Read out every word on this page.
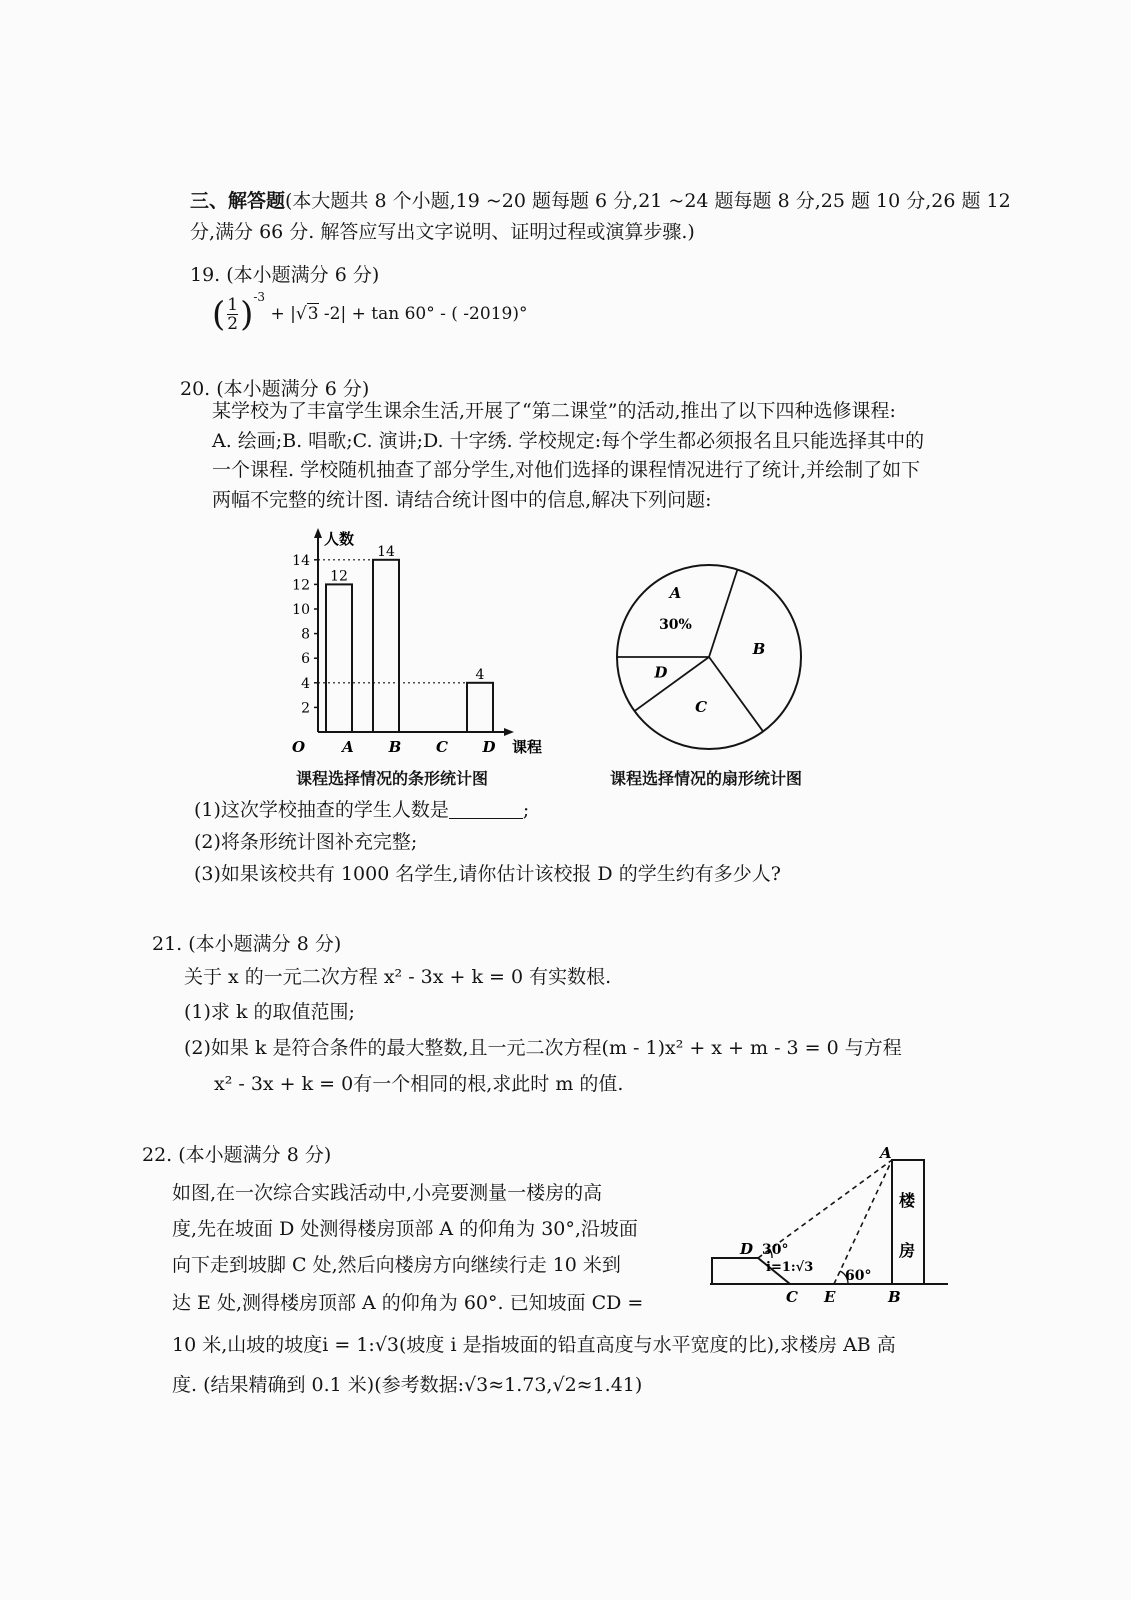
三、解答题(本大题共 8 个小题,19 ~20 题每题 6 分,21 ~24 题每题 8 分,25 题 10 分,26 题 12
分,满分 66 分. 解答应写出文字说明、证明过程或演算步骤.)
19. (本小题满分 6 分)
( $\frac{1}{2} )^{-3} + |√3$ -2| + tan 60° - ( -2019)°
20. (本小题满分 6 分)
某学校为了丰富学生课余生活,开展了“第二课堂”的活动,推出了以下四种选修课程:
A. 绘画;B. 唱歌;C. 演讲;D. 十字绣. 学校规定:每个学生都必须报名且只能选择其中的
一个课程. 学校随机抽查了部分学生,对他们选择的课程情况进行了统计,并绘制了如下
两幅不完整的统计图. 请结合统计图中的信息,解决下列问题:
人数
课程
O
2
4
6
8
10
12
14
A
12
B
14
C D
4
课程选择情况的条形统计图
A
30%
B
C
D
课程选择情况的扇形统计图
(1)这次学校抽查的学生人数是	;
(2)将条形统计图补充完整;
(3)如果该校共有 1000 名学生,请你估计该校报 D 的学生约有多少人?
21. (本小题满分 8 分)
关于 x 的一元二次方程 x² - 3x + k = 0 有实数根.
(1)求 k 的取值范围;
(2)如果 k 是符合条件的最大整数,且一元二次方程(m - 1)x² + x + m - 3 = 0 与方程
x² - 3x + k = 0有一个相同的根,求此时 m 的值.
22. (本小题满分 8 分)
如图,在一次综合实践活动中,小亮要测量一楼房的高
度,先在坡面 D 处测得楼房顶部 A 的仰角为 30°,沿坡面
向下走到坡脚 C 处,然后向楼房方向继续行走 10 米到
达 E 处,测得楼房顶部 A 的仰角为 60°. 已知坡面 CD =
10 米,山坡的坡度i = 1:√3(坡度 i 是指坡面的铅直高度与水平宽度的比),求楼房 AB 高
度. (结果精确到 0.1 米)(参考数据:√3≈1.73,√2≈1.41)
A
D 30°
i=1:√3
60°
C E	B
楼
房
